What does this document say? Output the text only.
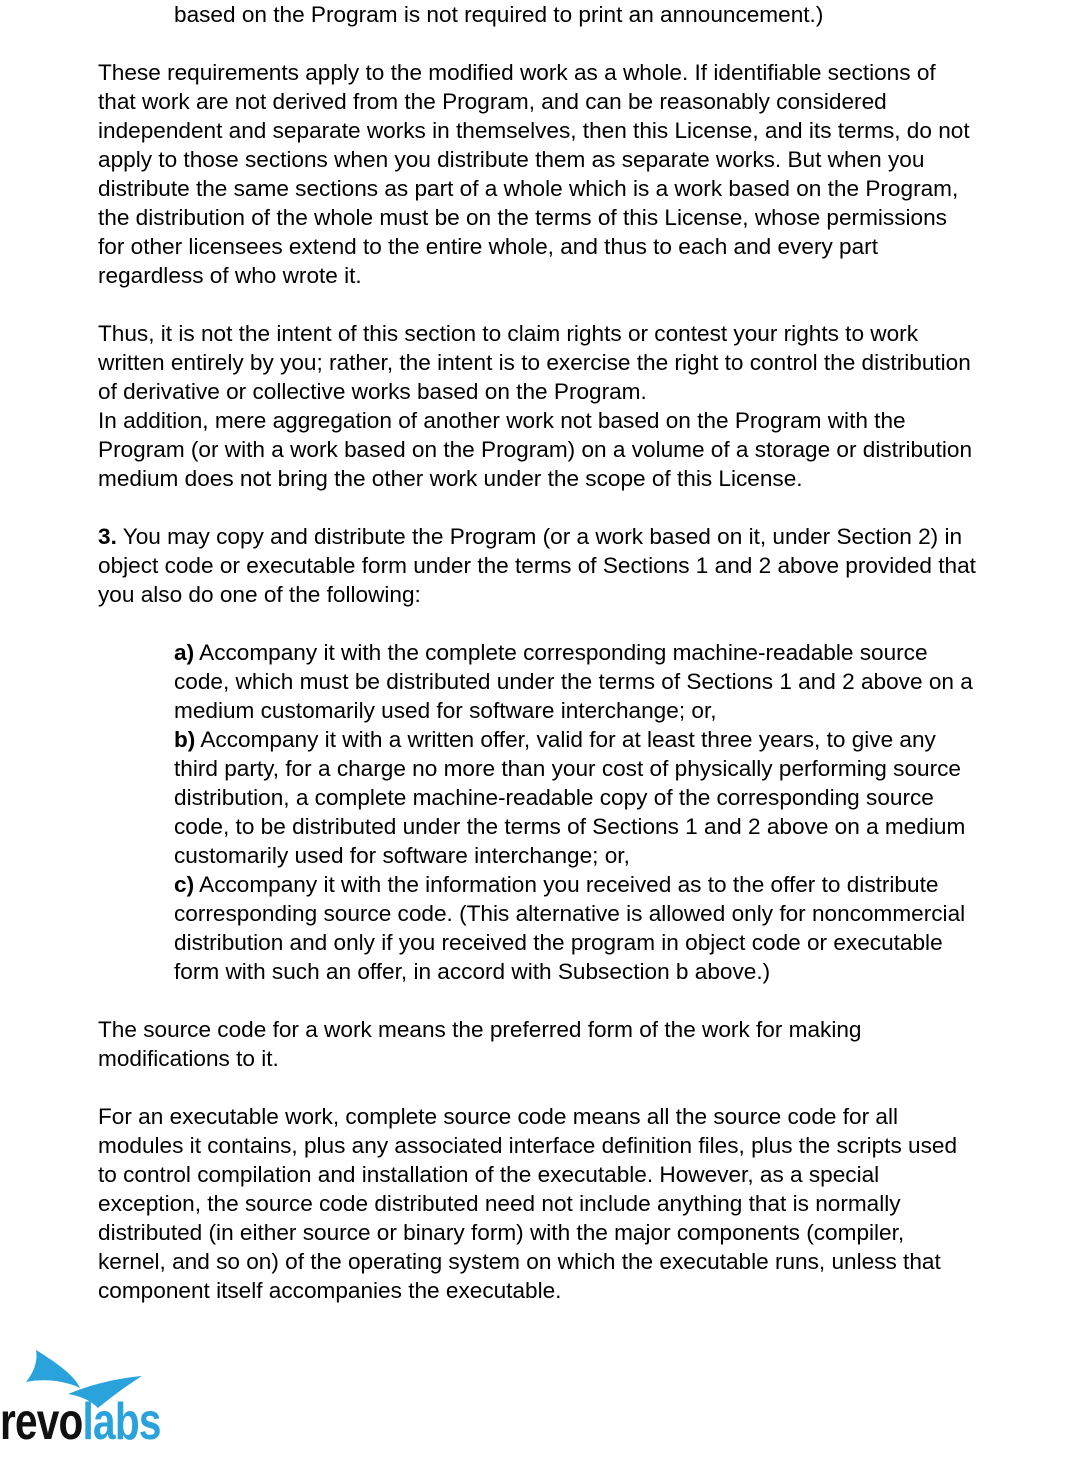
based on the Program is not required to print an announcement.)

These requirements apply to the modified work as a whole. If identifiable sections of

that work are not derived from the Program, and can be reasonably considered

independent and separate works in themselves, then this License, and its terms, do not

apply to those sections when you distribute them as separate works. But when you

distribute the same sections as part of a whole which is a work based on the Program,

the distribution of the whole must be on the terms of this License, whose permissions

for other licensees extend to the entire whole, and thus to each and every part

regardless of who wrote it.

Thus, it is not the intent of this section to claim rights or contest your rights to work

written entirely by you; rather, the intent is to exercise the right to control the distribution

of derivative or collective works based on the Program.

In addition, mere aggregation of another work not based on the Program with the

Program (or with a work based on the Program) on a volume of a storage or distribution

medium does not bring the other work under the scope of this License.

3. You may copy and distribute the Program (or a work based on it, under Section 2) in

object code or executable form under the terms of Sections 1 and 2 above provided that

you also do one of the following:

a) Accompany it with the complete corresponding machine-readable source

code, which must be distributed under the terms of Sections 1 and 2 above on a

medium customarily used for software interchange; or,

b) Accompany it with a written offer, valid for at least three years, to give any

third party, for a charge no more than your cost of physically performing source

distribution, a complete machine-readable copy of the corresponding source

code, to be distributed under the terms of Sections 1 and 2 above on a medium

customarily used for software interchange; or,

c) Accompany it with the information you received as to the offer to distribute

corresponding source code. (This alternative is allowed only for noncommercial

distribution and only if you received the program in object code or executable

form with such an offer, in accord with Subsection b above.)

The source code for a work means the preferred form of the work for making

modifications to it.

For an executable work, complete source code means all the source code for all

modules it contains, plus any associated interface definition files, plus the scripts used

to control compilation and installation of the executable. However, as a special

exception, the source code distributed need not include anything that is normally

distributed (in either source or binary form) with the major components (compiler,

kernel, and so on) of the operating system on which the executable runs, unless that

component itself accompanies the executable.

revolabs
